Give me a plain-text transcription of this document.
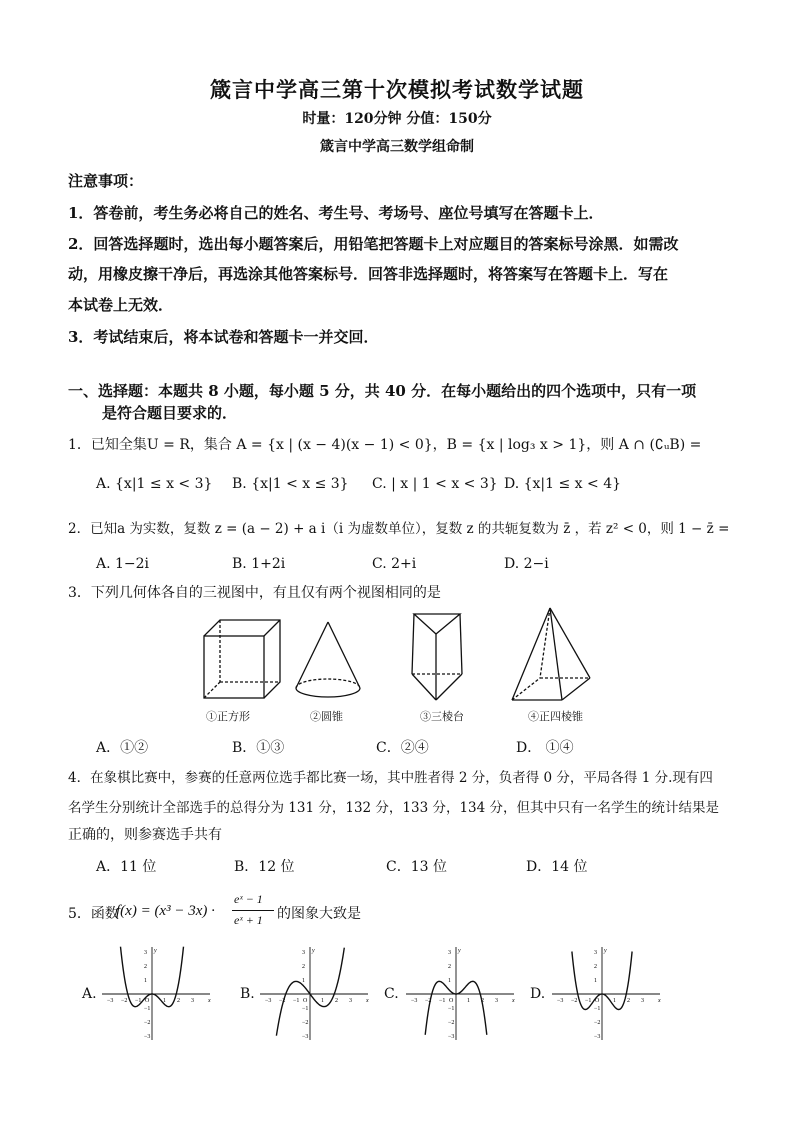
箴言中学高三第十次模拟考试数学试题
时量：120分钟 分值：150分
箴言中学高三数学组命制
注意事项：
1．答卷前，考生务必将自己的姓名、考生号、考场号、座位号填写在答题卡上．
2．回答选择题时，选出每小题答案后，用铅笔把答题卡上对应题目的答案标号涂黑．如需改
动，用橡皮擦干净后，再选涂其他答案标号．回答非选择题时，将答案写在答题卡上．写在
本试卷上无效．
3．考试结束后，将本试卷和答题卡一并交回．
一、选择题：本题共 8 小题，每小题 5 分，共 40 分．在每小题给出的四个选项中，只有一项
是符合题目要求的．
1．已知全集U = R，集合 A = {x | (x − 4)(x − 1) < 0}，B = {x | log₃ x > 1}，则 A ∩ (∁ᵤB) =
A. {x|1 ≤ x < 3} B. {x|1 < x ≤ 3} C. | x | 1 < x < 3} D. {x|1 ≤ x < 4}
2．已知a 为实数，复数 z = (a − 2) + a i（i 为虚数单位），复数 z 的共轭复数为 z̄ ，若 z² < 0，则 1 − z̄ =
A. 1−2i	B. 1+2i	C. 2+i	D. 2−i
3．下列几何体各自的三视图中，有且仅有两个视图相同的是
①正方形	②圆锥	③三棱台	④正四棱锥
A．①②	B．①③	C．②④	D． ①④
4．在象棋比赛中，参赛的任意两位选手都比赛一场，其中胜者得 2 分，负者得 0 分，平局各得 1 分.现有四
名学生分别统计全部选手的总得分为 131 分，132 分，133 分，134 分，但其中只有一名学生的统计结果是
正确的，则参赛选手共有
A．11 位	B．12 位	C．13 位	D．14 位
5．函数
f(x) = (x³ − 3x) ·
eˣ − 1
eˣ + 1 的图象大致是
A.	B.	C.	D.
−3 −2 −1 O 1 2 3 x
y
3
2
1
−1
−2
−3
−3 −2 −1 O 1 2 3 x
y
3
2
1
−1
−2
−3
−3 −2 −1 O 1 2 3 x
y
3
2
1
−1
−2
−3
−3 −2 −1 O 1 2 3 x
y
3
2
1
−1
−2
−3
